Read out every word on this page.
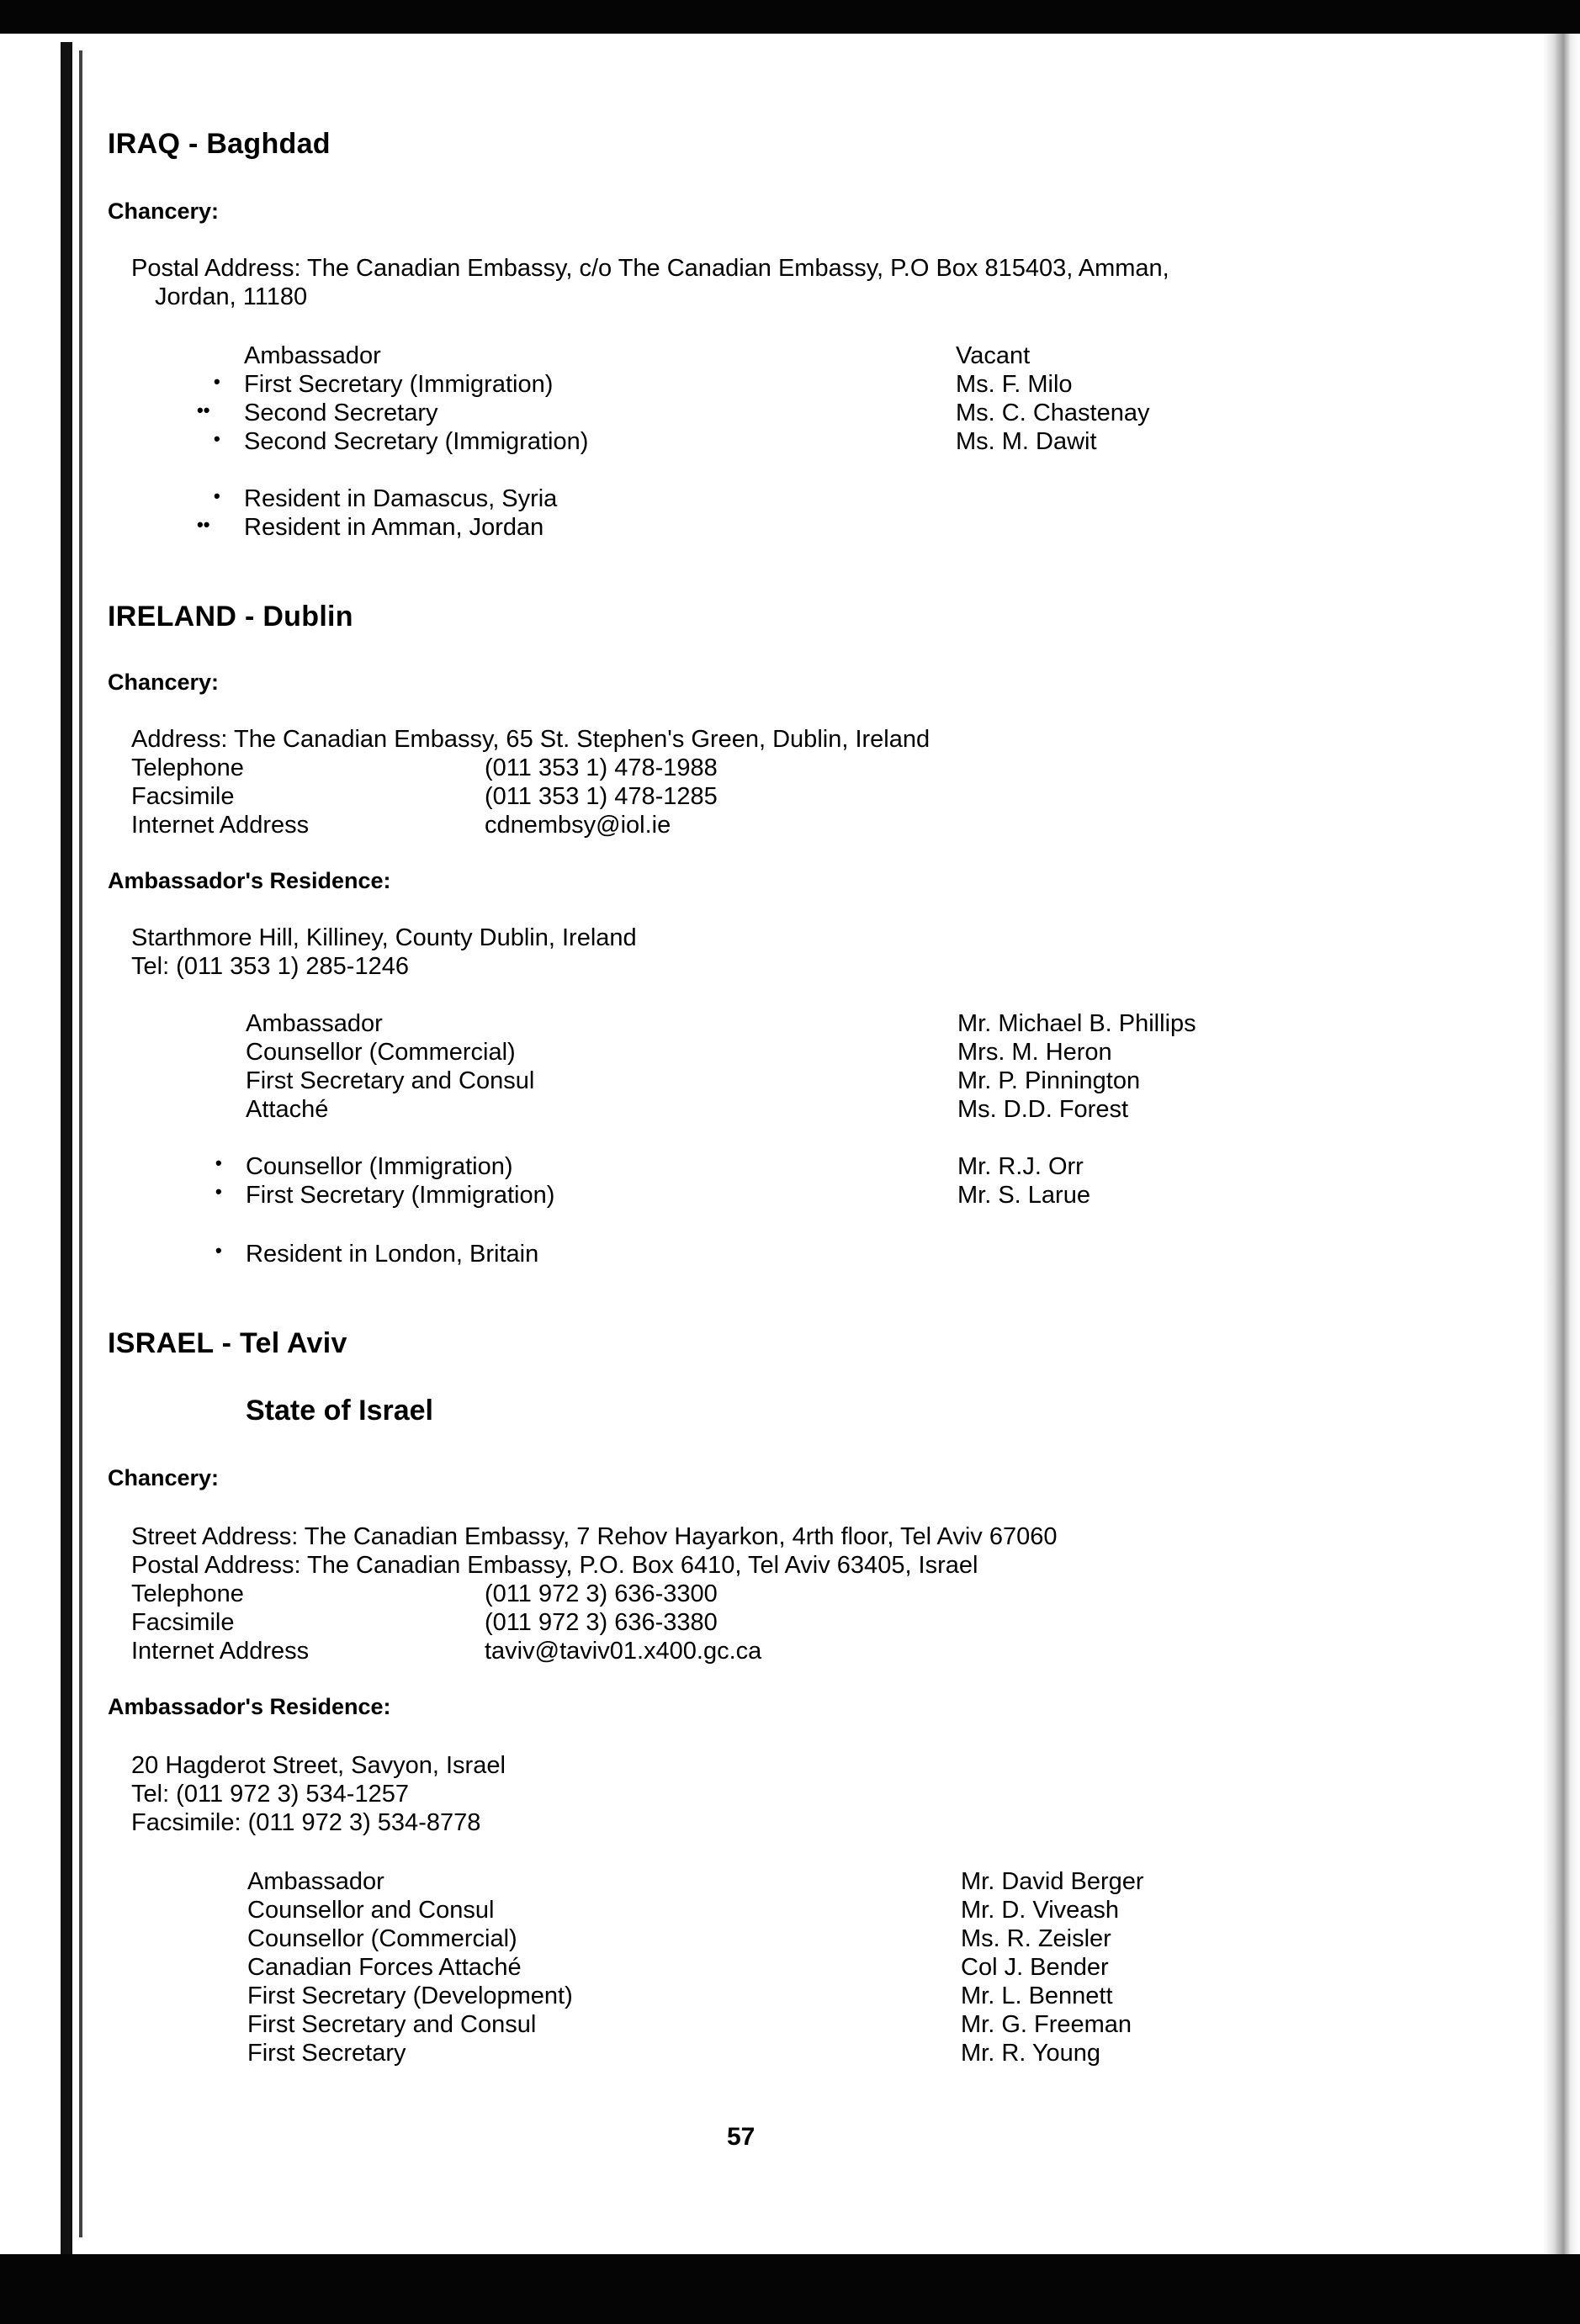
IRAQ - Baghdad
Chancery:
Postal Address: The Canadian Embassy, c/o The Canadian Embassy, P.O Box 815403, Amman,
Jordan, 11180
Ambassador	Vacant
• First Secretary (Immigration)	Ms. F. Milo
•• Second Secretary	Ms. C. Chastenay
• Second Secretary (Immigration)	Ms. M. Dawit
• Resident in Damascus, Syria
•• Resident in Amman, Jordan
IRELAND - Dublin
Chancery:
Address: The Canadian Embassy, 65 St. Stephen's Green, Dublin, Ireland
Telephone	(011 353 1) 478-1988
Facsimile	(011 353 1) 478-1285
Internet Address	cdnembsy@iol.ie
Ambassador's Residence:
Starthmore Hill, Killiney, County Dublin, Ireland
Tel: (011 353 1) 285-1246
Ambassador	Mr. Michael B. Phillips
Counsellor (Commercial)	Mrs. M. Heron
First Secretary and Consul	Mr. P. Pinnington
Attaché	Ms. D.D. Forest
• Counsellor (Immigration)	Mr. R.J. Orr
• First Secretary (Immigration)	Mr. S. Larue
• Resident in London, Britain
ISRAEL - Tel Aviv
State of Israel
Chancery:
Street Address: The Canadian Embassy, 7 Rehov Hayarkon, 4rth floor, Tel Aviv 67060
Postal Address: The Canadian Embassy, P.O. Box 6410, Tel Aviv 63405, Israel
Telephone	(011 972 3) 636-3300
Facsimile	(011 972 3) 636-3380
Internet Address	taviv@taviv01.x400.gc.ca
Ambassador's Residence:
20 Hagderot Street, Savyon, Israel
Tel: (011 972 3) 534-1257
Facsimile: (011 972 3) 534-8778
Ambassador	Mr. David Berger
Counsellor and Consul	Mr. D. Viveash
Counsellor (Commercial)	Ms. R. Zeisler
Canadian Forces Attaché	Col J. Bender
First Secretary (Development)	Mr. L. Bennett
First Secretary and Consul	Mr. G. Freeman
First Secretary	Mr. R. Young
57
